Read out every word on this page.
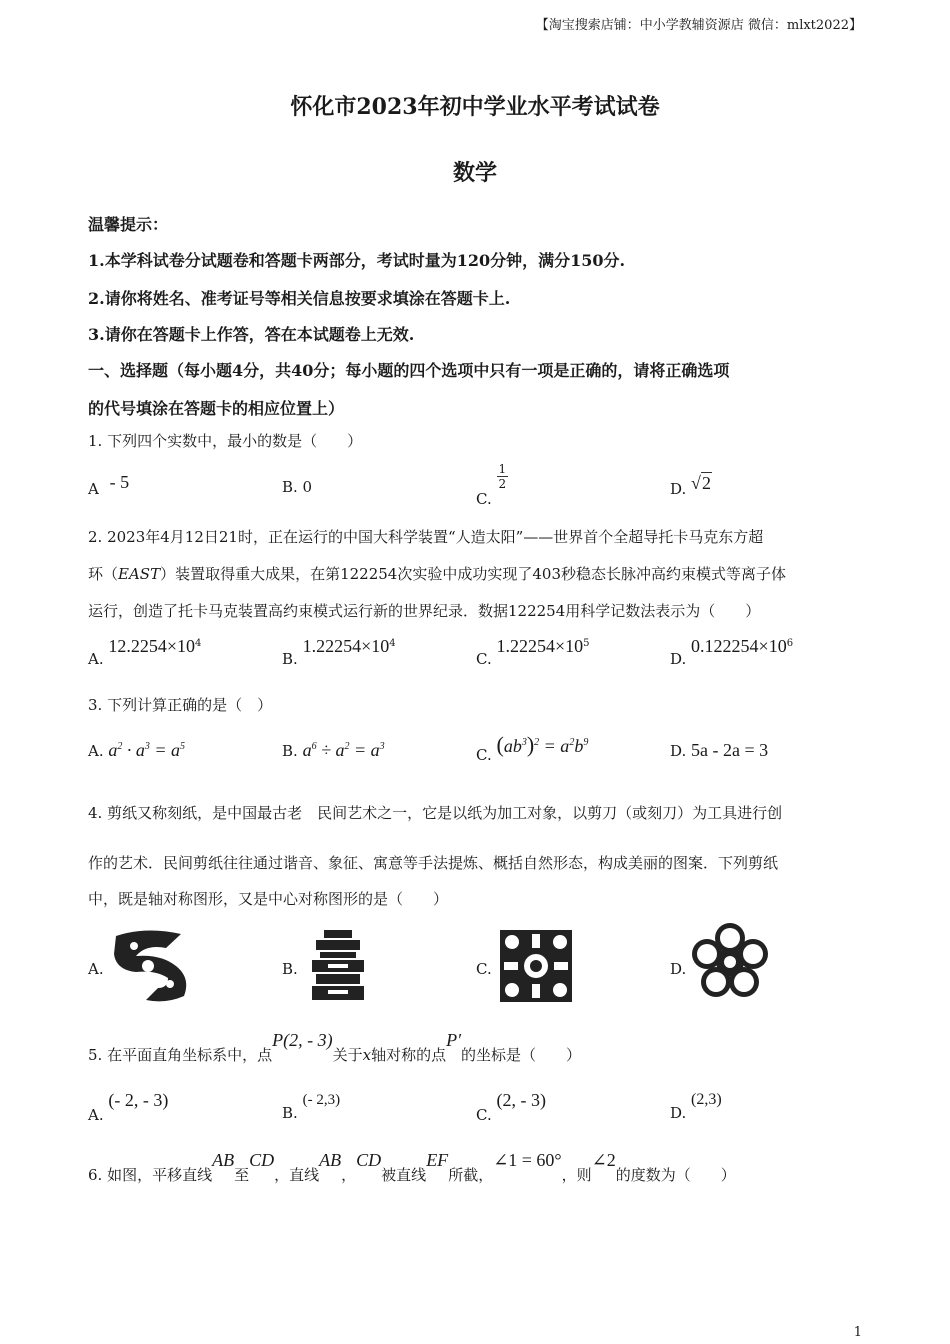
【淘宝搜索店铺：中小学教辅资源店 微信：mlxt2022】
怀化市2023年初中学业水平考试试卷
数学
温馨提示：
1.本学科试卷分试题卷和答题卡两部分，考试时量为120分钟，满分150分.
2.请你将姓名、准考证号等相关信息按要求填涂在答题卡上.
3.请你在答题卡上作答，答在本试题卷上无效.
一、选择题（每小题4分，共40分；每小题的四个选项中只有一项是正确的，请将正确选项
的代号填涂在答题卡的相应位置上）
1. 下列四个实数中，最小的数是（　　）
A - 5	B. 0
C.
$\frac{1}{2}$	D. √2
2. 2023年4月12日21时，正在运行的中国大科学装置“人造太阳”——世界首个全超导托卡马克东方超
环（EAST）装置取得重大成果，在第122254次实验中成功实现了403秒稳态长脉冲高约束模式等离子体
运行，创造了托卡马克装置高约束模式运行新的世界纪录．数据122254用科学记数法表示为（　　）
A. $12.2254\times 10^4$
B. $1.22254\times 10^4$
C. $1.22254\times 10^5$
D. $0.122254\times 10^6$
3. 下列计算正确的是（　）
A. $a^2 \cdot a^3 = a^5$	B. $a^6 \div a^2 = a^3$	C. $(ab^3)^2 = a^2b^9$	D. 5a - 2a = 3
4. 剪纸又称刻纸，是中国最古老　民间艺术之一，它是以纸为加工对象，以剪刀（或刻刀）为工具进行创
作的艺术．民间剪纸往往通过谐音、象征、寓意等手法提炼、概括自然形态，构成美丽的图案．下列剪纸
中，既是轴对称图形，又是中心对称图形的是（　　）
A.	B.	C.	D.
5. 在平面直角坐标系中，点P(2, - 3)关于x轴对称的点P′的坐标是（　　）
A. (- 2, - 3)
B. (- 2,3)
C. (2, - 3)
D. (2,3)
6. 如图，平移直线AB至CD，直线AB，CD被直线EF所截，∠1 = 60°，则∠2的度数为（　　）
1
